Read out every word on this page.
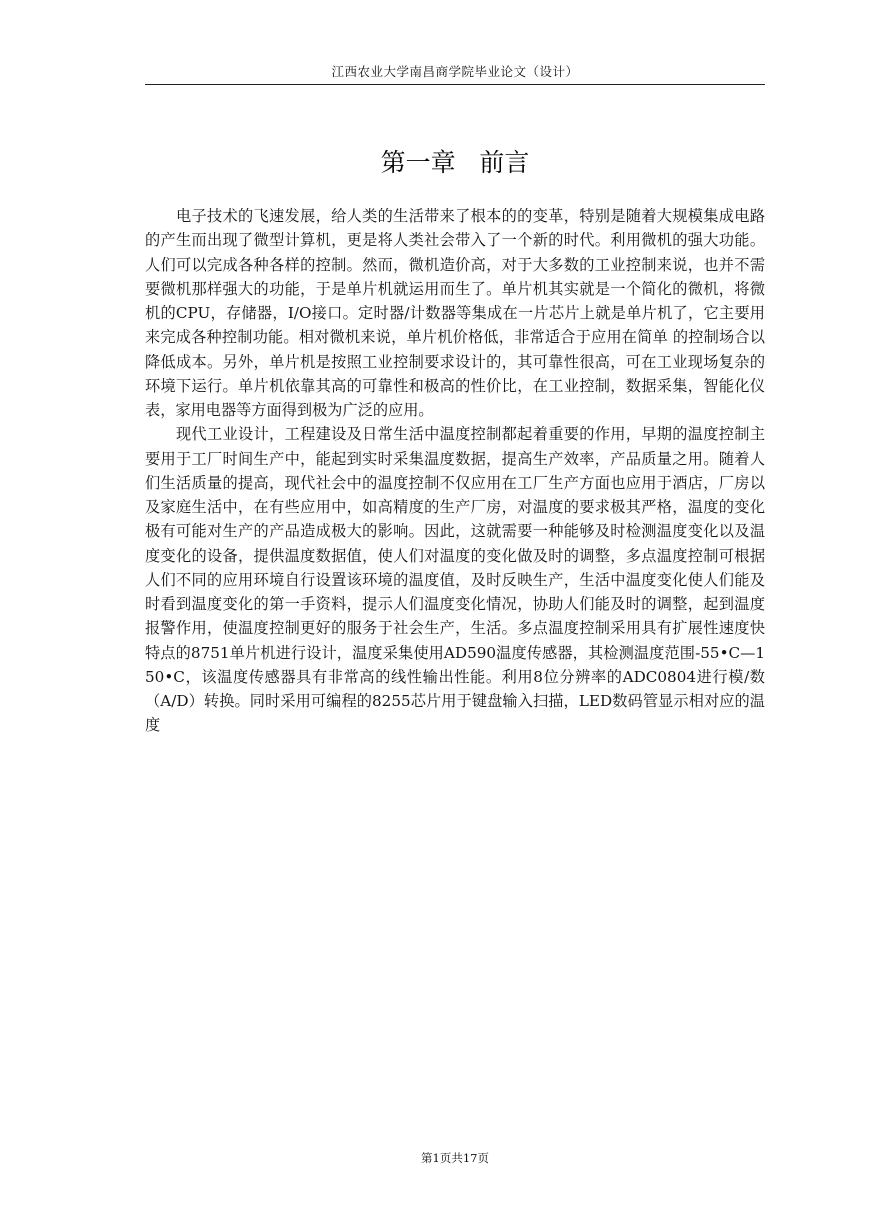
江西农业大学南昌商学院毕业论文（设计）
第一章   前言

电子技术的飞速发展，给人类的生活带来了根本的的变革，特别是随着大规模集成电路的产生而出现了微型计算机，更是将人类社会带入了一个新的时代。利用微机的强大功能。人们可以完成各种各样的控制。然而，微机造价高，对于大多数的工业控制来说，也并不需要微机那样强大的功能，于是单片机就运用而生了。单片机其实就是一个简化的微机，将微机的CPU，存储器，I/O接口。定时器/计数器等集成在一片芯片上就是单片机了，它主要用来完成各种控制功能。相对微机来说，单片机价格低，非常适合于应用在简单 的控制场合以降低成本。另外，单片机是按照工业控制要求设计的，其可靠性很高，可在工业现场复杂的环境下运行。单片机依靠其高的可靠性和极高的性价比，在工业控制，数据采集，智能化仪表，家用电器等方面得到极为广泛的应用。

现代工业设计，工程建设及日常生活中温度控制都起着重要的作用，早期的温度控制主要用于工厂时间生产中，能起到实时采集温度数据，提高生产效率，产品质量之用。随着人们生活质量的提高，现代社会中的温度控制不仅应用在工厂生产方面也应用于酒店，厂房以及家庭生活中，在有些应用中，如高精度的生产厂房，对温度的要求极其严格，温度的变化极有可能对生产的产品造成极大的影响。因此，这就需要一种能够及时检测温度变化以及温度变化的设备，提供温度数据值，使人们对温度的变化做及时的调整，多点温度控制可根据人们不同的应用环境自行设置该环境的温度值，及时反映生产，生活中温度变化使人们能及时看到温度变化的第一手资料，提示人们温度变化情况，协助人们能及时的调整，起到温度报警作用，使温度控制更好的服务于社会生产，生活。多点温度控制采用具有扩展性速度快特点的8751单片机进行设计，温度采集使用AD590温度传感器，其检测温度范围-55•C—150•C，该温度传感器具有非常高的线性输出性能。利用8位分辨率的ADC0804进行模/数（A/D）转换。同时采用可编程的8255芯片用于键盘输入扫描，LED数码管显示相对应的温度

第1页共17页
